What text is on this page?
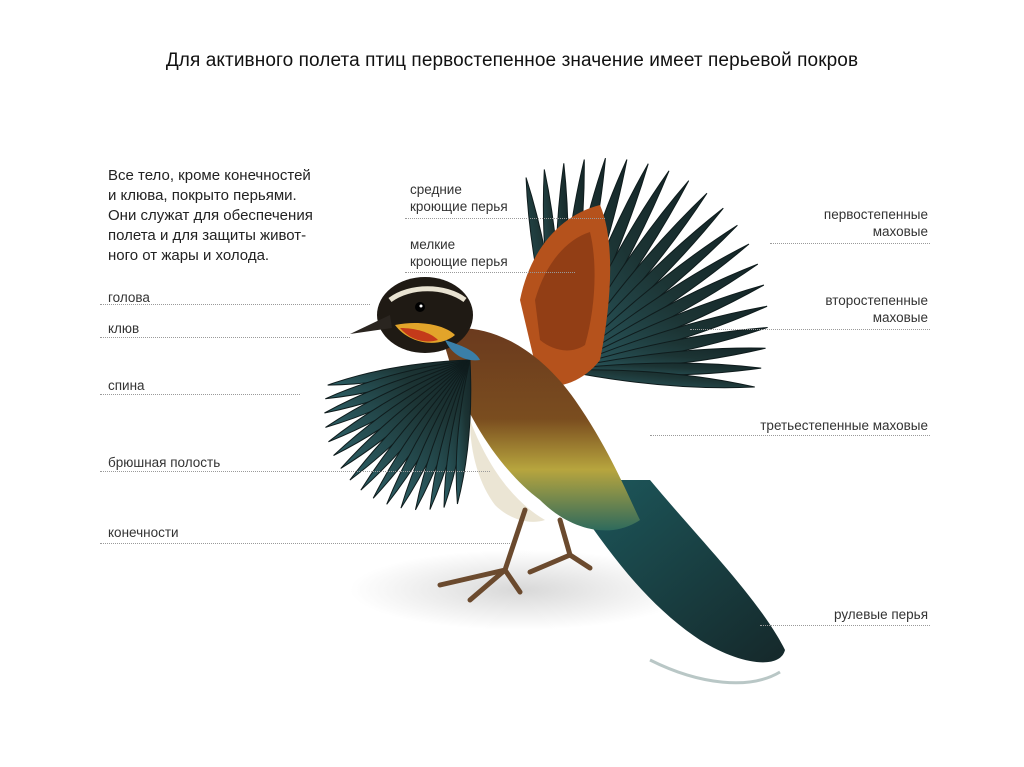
Для активного полета птиц первостепенное значение имеет перьевой покров
Все тело, кроме конечностей
и клюва, покрыто перьями.
Они служат для обеспечения
полета и для защиты живот-
ного от жары и холода.
голова
клюв
спина
брюшная полость
конечности
средние
кроющие перья
мелкие
кроющие перья
первостепенные
маховые
второстепенные
маховые
третьестепенные маховые
рулевые перья
